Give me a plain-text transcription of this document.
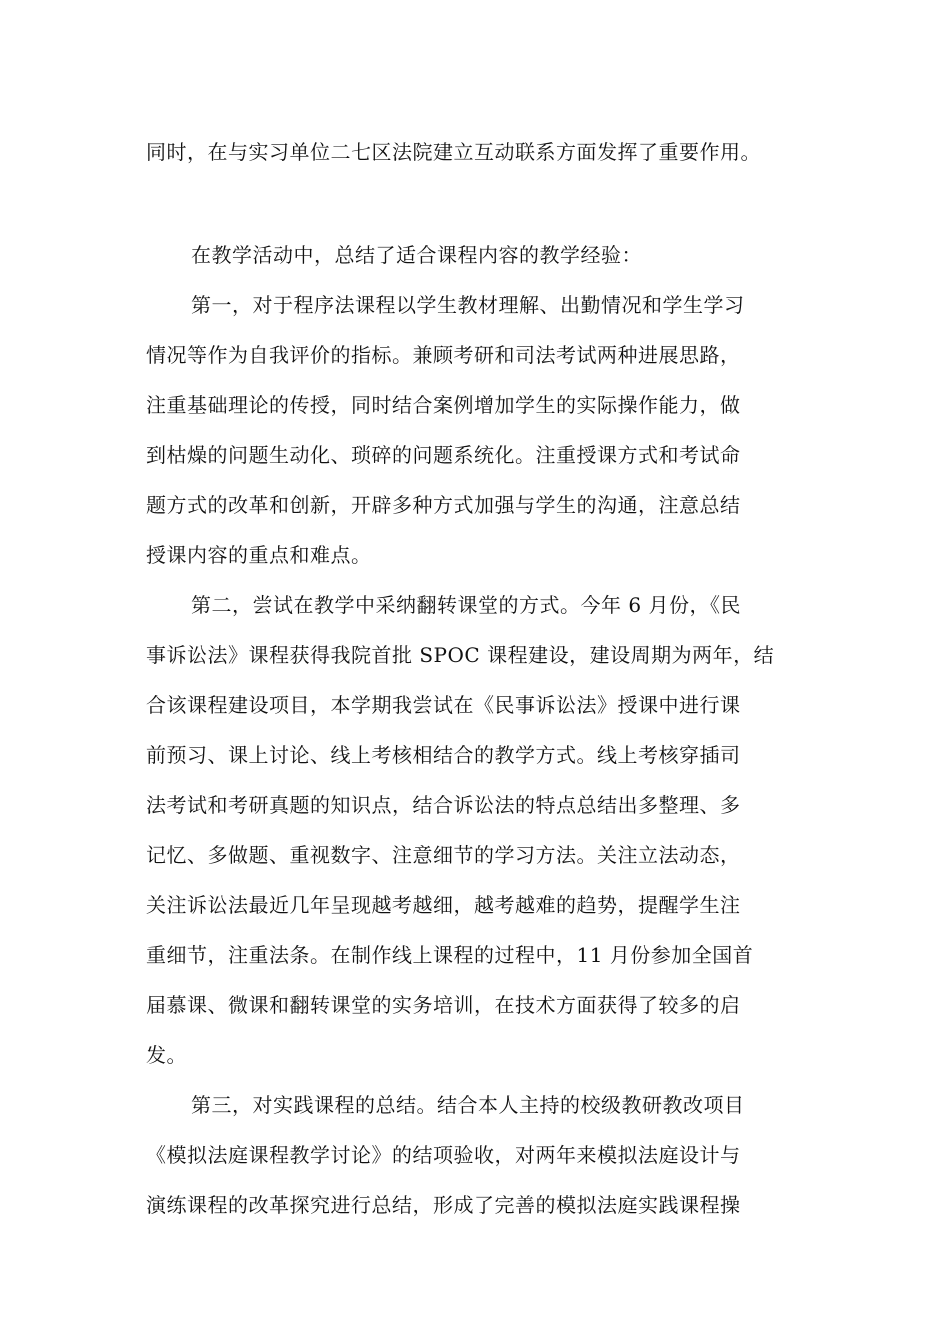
同时，在与实习单位二七区法院建立互动联系方面发挥了重要作用。
在教学活动中，总结了适合课程内容的教学经验：
第一，对于程序法课程以学生教材理解、出勤情况和学生学习
情况等作为自我评价的指标。兼顾考研和司法考试两种进展思路，
注重基础理论的传授，同时结合案例增加学生的实际操作能力，做
到枯燥的问题生动化、琐碎的问题系统化。注重授课方式和考试命
题方式的改革和创新，开辟多种方式加强与学生的沟通，注意总结
授课内容的重点和难点。
第二，尝试在教学中采纳翻转课堂的方式。今年 6 月份，《民
事诉讼法》课程获得我院首批 SPOC 课程建设，建设周期为两年，结
合该课程建设项目，本学期我尝试在《民事诉讼法》授课中进行课
前预习、课上讨论、线上考核相结合的教学方式。线上考核穿插司
法考试和考研真题的知识点，结合诉讼法的特点总结出多整理、多
记忆、多做题、重视数字、注意细节的学习方法。关注立法动态，
关注诉讼法最近几年呈现越考越细，越考越难的趋势，提醒学生注
重细节，注重法条。在制作线上课程的过程中，11 月份参加全国首
届慕课、微课和翻转课堂的实务培训，在技术方面获得了较多的启
发。
第三，对实践课程的总结。结合本人主持的校级教研教改项目
《模拟法庭课程教学讨论》的结项验收，对两年来模拟法庭设计与
演练课程的改革探究进行总结，形成了完善的模拟法庭实践课程操
